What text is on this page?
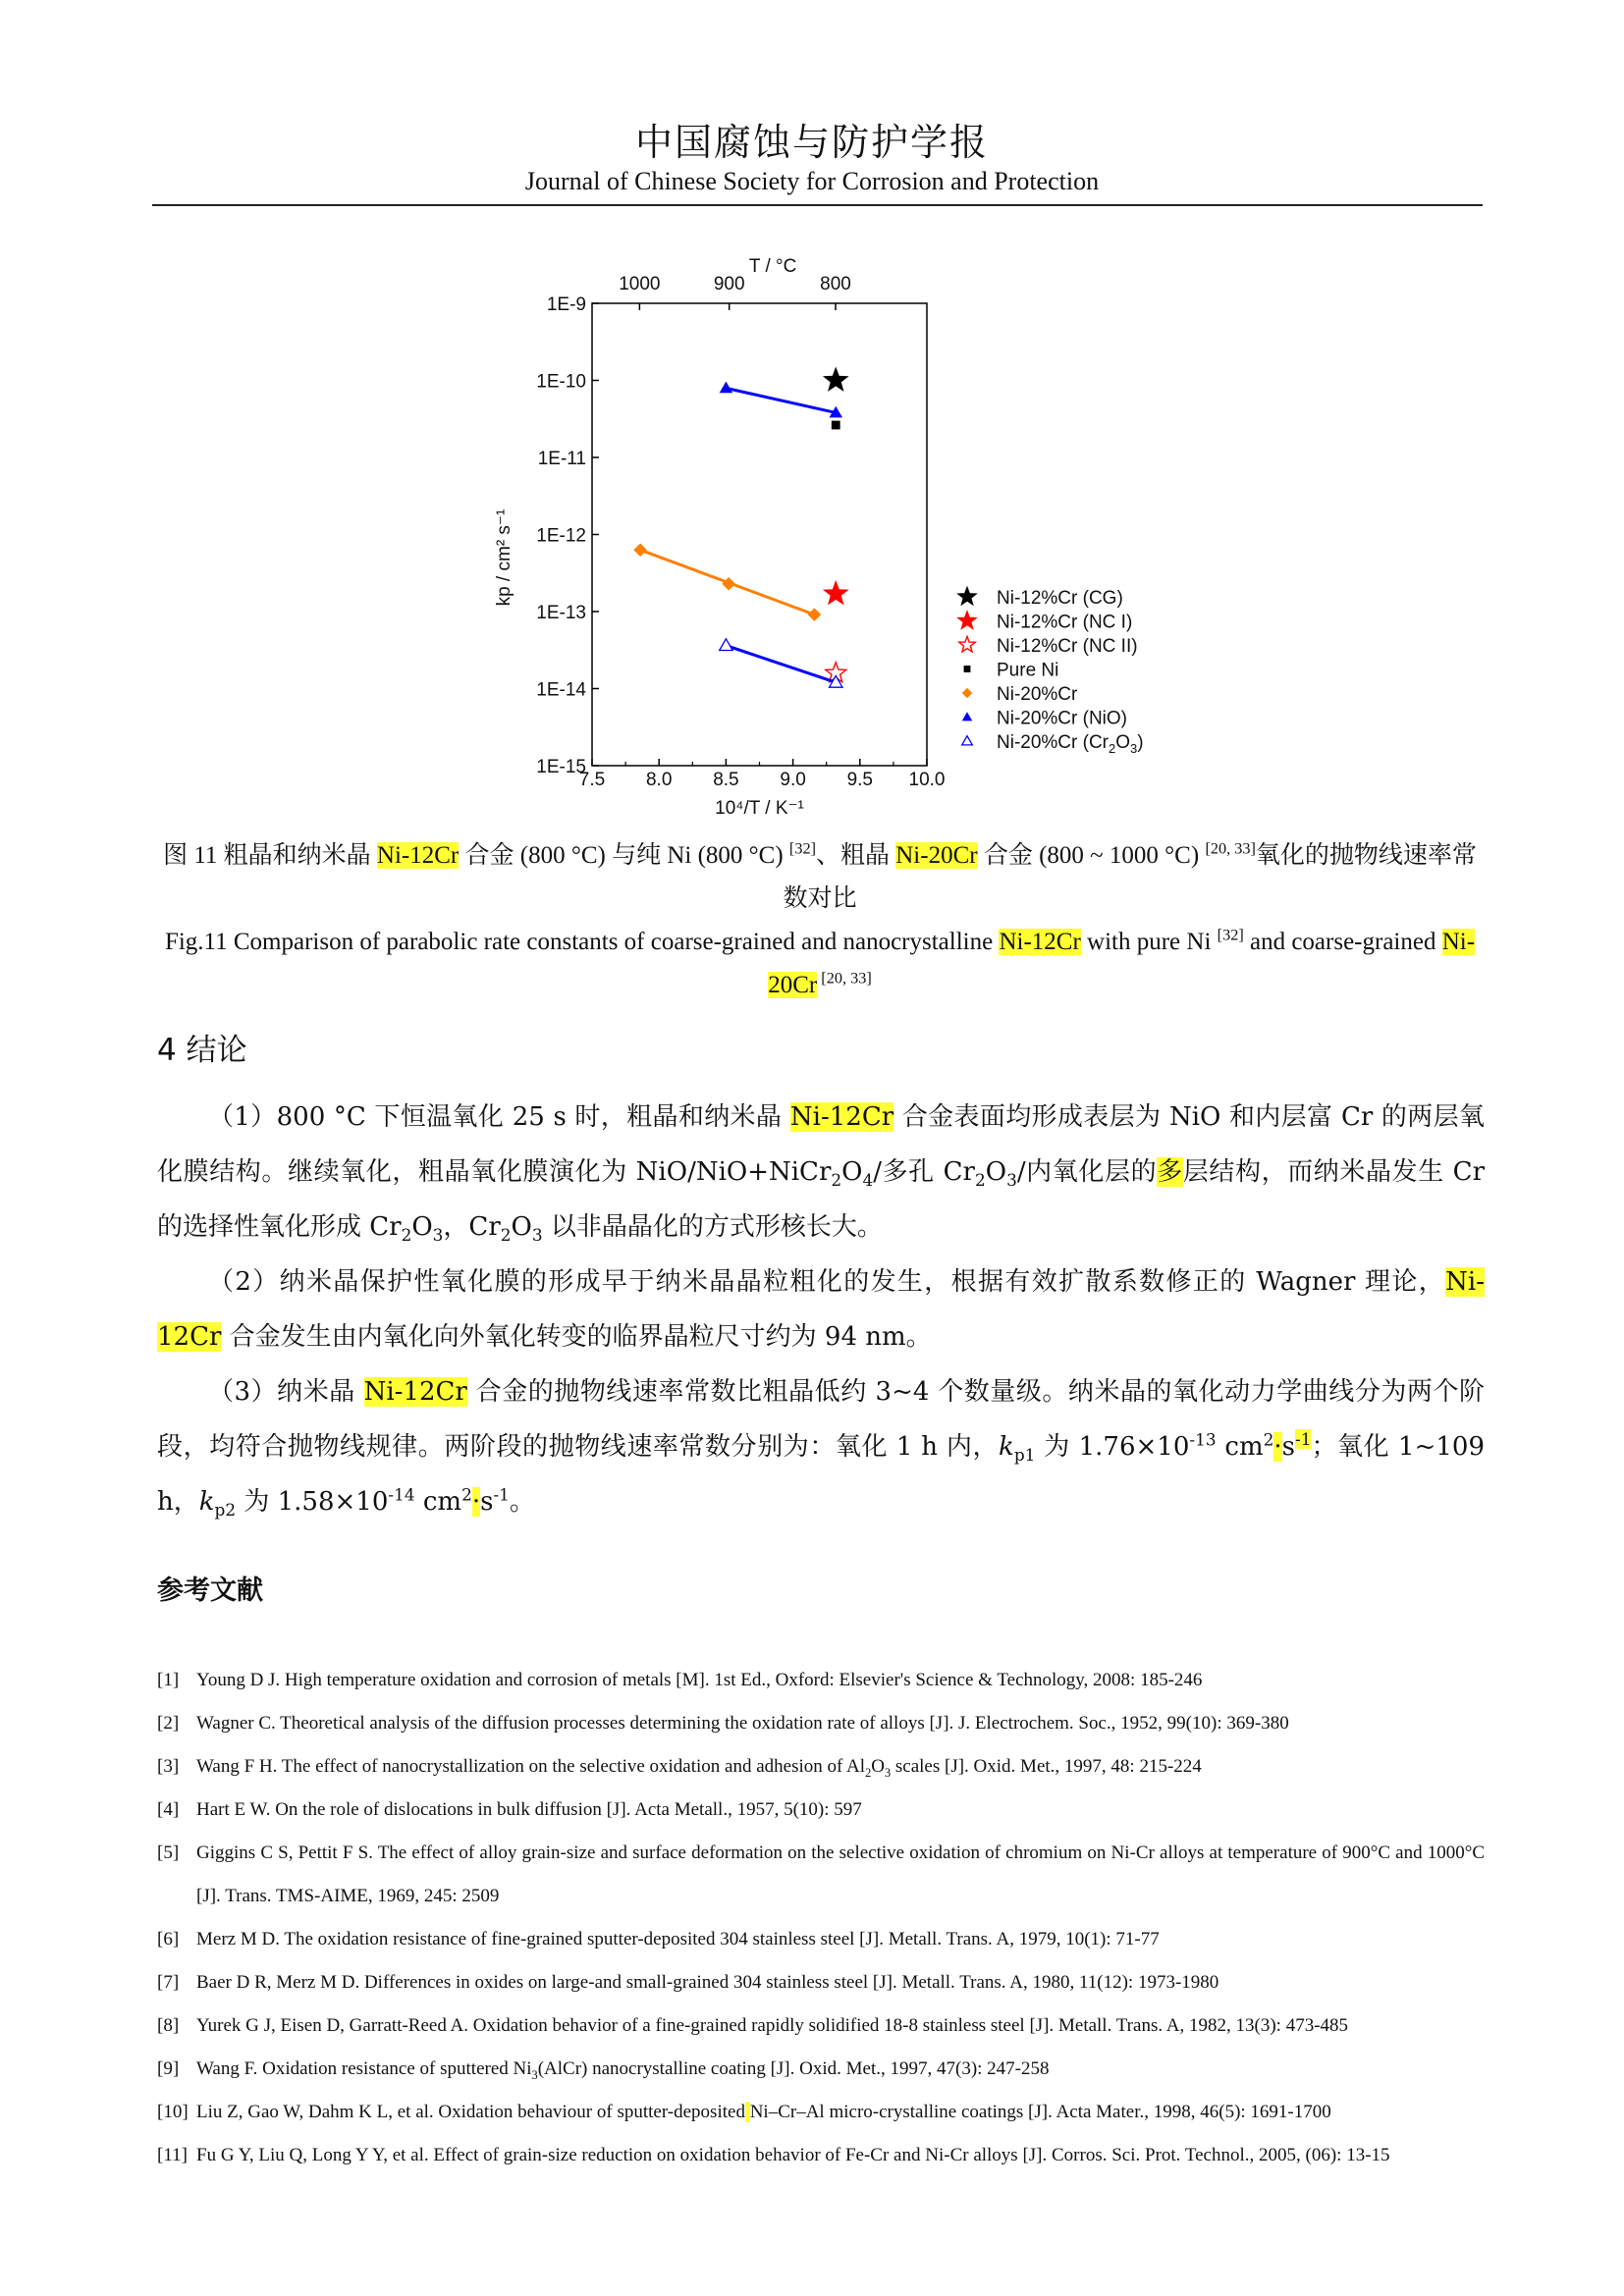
中国腐蚀与防护学报
Journal of Chinese Society for Corrosion and Protection
7.5 8.0 8.5 9.0 9.5 10.0
1E-9
1E-10
1E-11
1E-12
1E-13
1E-14
1E-15
1000	900	800
T / °C
10⁴/T / K⁻¹
kp / cm² s⁻¹	Ni-12%Cr (CG)
Ni-12%Cr (NC I)
Ni-12%Cr (NC II)
Pure Ni
Ni-20%Cr
Ni-20%Cr (NiO)
Ni-20%Cr $(Cr_2O_3)$
图 11 粗晶和纳米晶 Ni-12Cr 合金 (800 °C) 与纯 Ni (800 °C) [32]、粗晶 Ni-20Cr 合金 (800 ~ 1000 °C) [20, 33]氧化的抛物线速率常数对比
Fig.11 Comparison of parabolic rate constants of coarse-grained and nanocrystalline Ni-12Cr with pure Ni [32] and coarse-grained Ni-20Cr [20, 33]
4 结论

（1）800 °C 下恒温氧化 25 s 时，粗晶和纳米晶 Ni-12Cr 合金表面均形成表层为 NiO 和内层富 Cr 的两层氧化膜结构。继续氧化，粗晶氧化膜演化为 NiO/$NiO+NiCr_2O_4/$多孔 $Cr_2O_3/$内氧化层的多层结构，而纳米晶发生 Cr 的选择性氧化形成 $Cr_2O_3$，$Cr_2O_3$ 以非晶晶化的方式形核长大。

（2）纳米晶保护性氧化膜的形成早于纳米晶晶粒粗化的发生，根据有效扩散系数修正的 Wagner 理论，Ni-12Cr 合金发生由内氧化向外氧化转变的临界晶粒尺寸约为 94 nm。

（3）纳米晶 Ni-12Cr 合金的抛物线速率常数比粗晶低约 3~4 个数量级。纳米晶的氧化动力学曲线分为两个阶段，均符合抛物线规律。两阶段的抛物线速率常数分别为：氧化 1 h 内，$k_{p1}$ 为 $1.76\times 10^{-13}$ $cm^2\cdot s^{-1}$；氧化 1~109 h，$k_{p2}$ 为 $1.58\times 10^{-14}$ $cm^2\cdot s^{-1}$。

参考文献
[1] Young D J. High temperature oxidation and corrosion of metals [M]. 1st Ed., Oxford: Elsevier's Science & Technology, 2008: 185-246
[2] Wagner C. Theoretical analysis of the diffusion processes determining the oxidation rate of alloys [J]. J. Electrochem. Soc., 1952, 99(10): 369-380
[3] Wang F H. The effect of nanocrystallization on the selective oxidation and adhesion of $Al_2O_3$ scales [J]. Oxid. Met., 1997, 48: 215-224
[4] Hart E W. On the role of dislocations in bulk diffusion [J]. Acta Metall., 1957, 5(10): 597
[5] Giggins C S, Pettit F S. The effect of alloy grain-size and surface deformation on the selective oxidation of chromium on Ni-Cr alloys at temperature of 900°C and 1000°C [J]. Trans. TMS-AIME, 1969, 245: 2509
[6] Merz M D. The oxidation resistance of fine-grained sputter-deposited 304 stainless steel [J]. Metall. Trans. A, 1979, 10(1): 71-77
[7] Baer D R, Merz M D. Differences in oxides on large-and small-grained 304 stainless steel [J]. Metall. Trans. A, 1980, 11(12): 1973-1980
[8] Yurek G J, Eisen D, Garratt-Reed A. Oxidation behavior of a fine-grained rapidly solidified 18-8 stainless steel [J]. Metall. Trans. A, 1982, 13(3): 473-485
[9] Wang F. Oxidation resistance of sputtered $Ni_3(AlCr)$ nanocrystalline coating [J]. Oxid. Met., 1997, 47(3): 247-258
[10] Liu Z, Gao W, Dahm K L, et al. Oxidation behaviour of sputter-deposited Ni–Cr–Al micro-crystalline coatings [J]. Acta Mater., 1998, 46(5): 1691-1700
[11] Fu G Y, Liu Q, Long Y Y, et al. Effect of grain-size reduction on oxidation behavior of Fe-Cr and Ni-Cr alloys [J]. Corros. Sci. Prot. Technol., 2005, (06): 13-15
